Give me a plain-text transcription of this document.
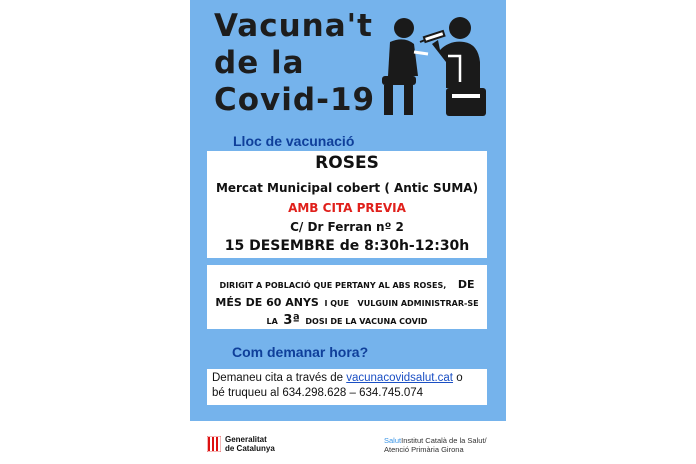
Vacuna't
de la
Covid-19
Lloc de vacunació
ROSES
Mercat Municipal cobert ( Antic SUMA)
AMB CITA PREVIA
C/ Dr Ferran nº 2
15 DESEMBRE de 8:30h-12:30h
DIRIGIT A POBLACIÓ QUE PERTANY AL ABS ROSES, DE
MÉS DE 60 ANYS I QUE VULGUIN ADMINISTRAR-SE
LA 3ª DOSI DE LA VACUNA COVID
Com demanar hora?
Demaneu cita a través de vacunacovidsalut.cat o
bé truqueu al 634.298.628 – 634.745.074
Generalitat
de Catalunya
SalutInstitut Català de la Salut/
Atenció Primària Girona
